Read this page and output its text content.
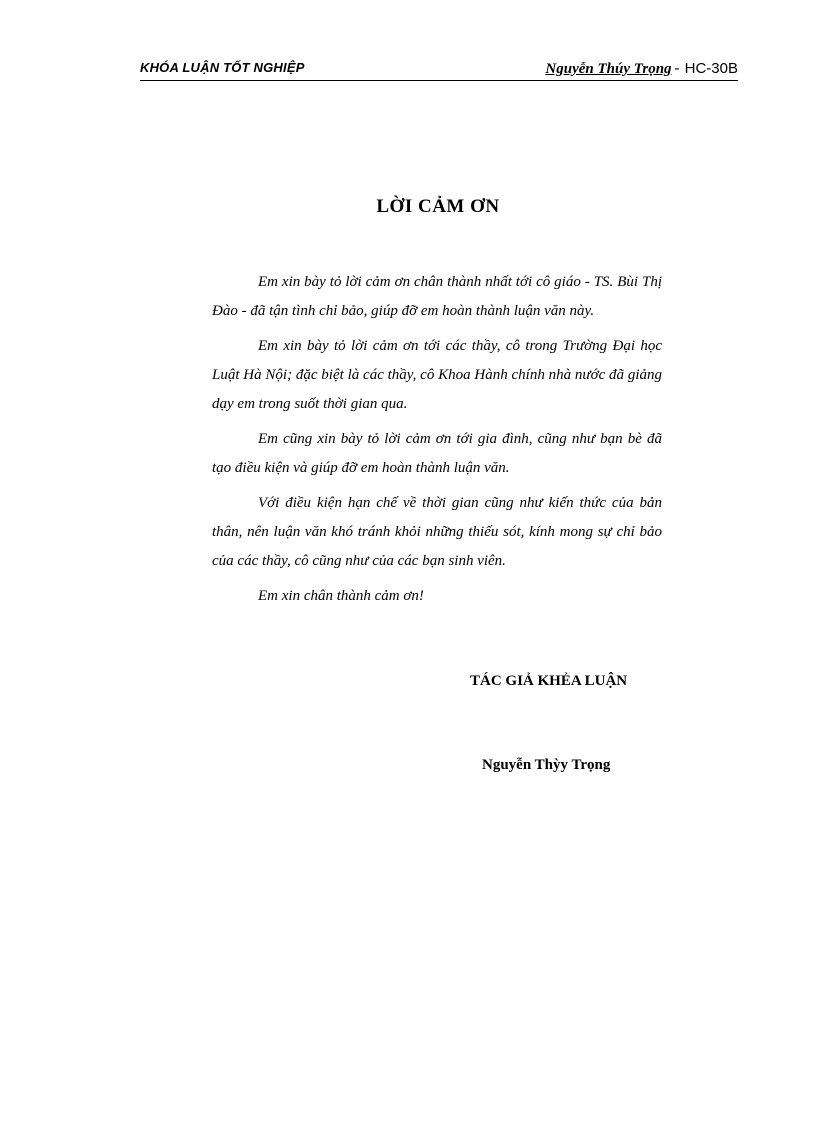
KHÓA LUẬN TỐT NGHIỆP	Nguyễn Thúy Trọng - HC-30B
LỜI CẢM ƠN

Em xin bày tỏ lời cảm ơn chân thành nhất tới cô giáo - TS. Bùi Thị Đào - đã tận tình chỉ bảo, giúp đỡ em hoàn thành luận văn này.

Em xin bày tỏ lời cảm ơn tới các thầy, cô trong Trường Đại học Luật Hà Nội; đặc biệt là các thầy, cô Khoa Hành chính nhà nước đã giảng dạy em trong suốt thời gian qua.

Em cũng xin bày tỏ lời cảm ơn tới gia đình, cũng như bạn bè đã tạo điều kiện và giúp đỡ em hoàn thành luận văn.

Với điều kiện hạn chế về thời gian cũng như kiến thức của bản thân, nên luận văn khó tránh khỏi những thiếu sót, kính mong sự chỉ bảo của các thầy, cô cũng như của các bạn sinh viên.

Em xin chân thành cảm ơn!

TÁC GIẢ KHẺA LUẬN
Nguyễn Thỳy Trọng
